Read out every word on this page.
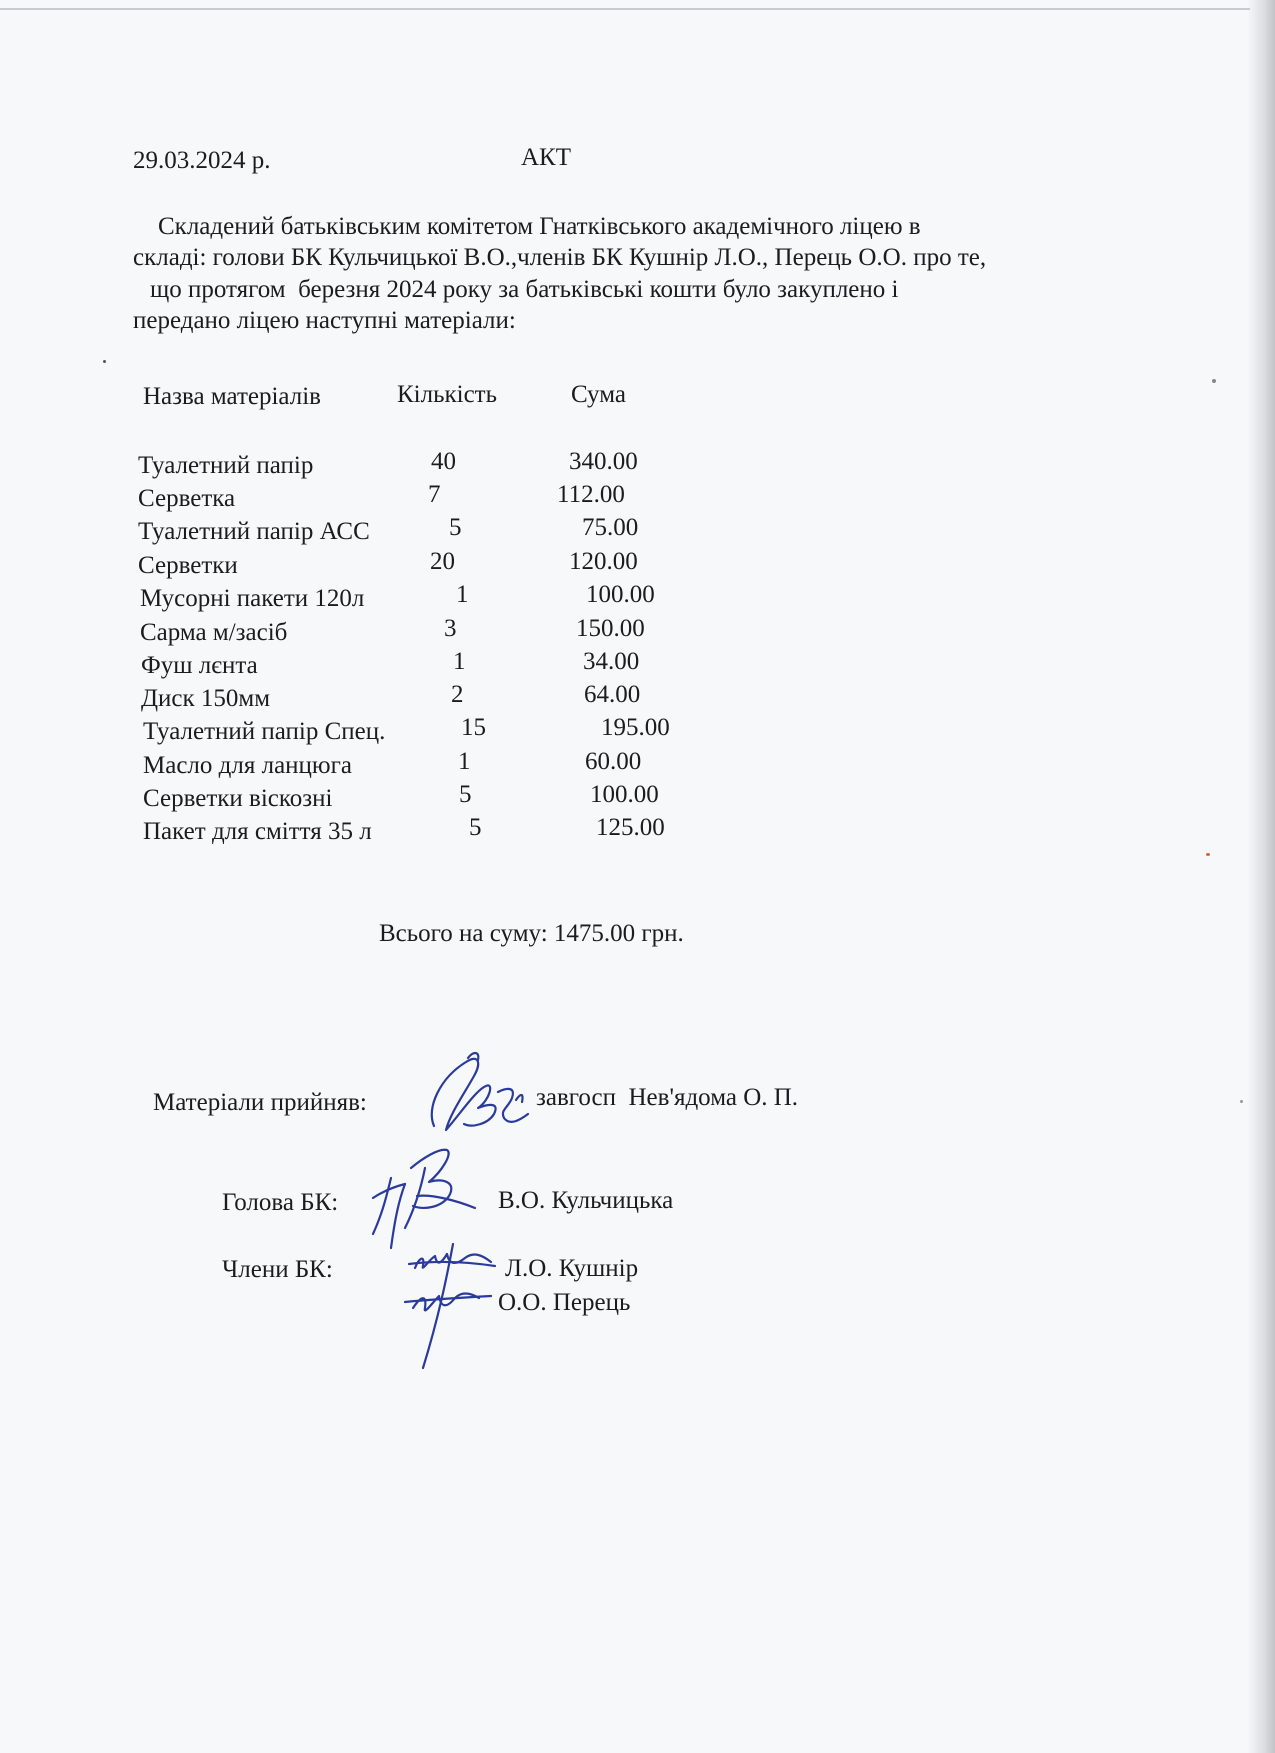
29.03.2024 р.	АКТ
Складений батьківським комітетом Гнатківського академічного ліцею в
складі: голови БК Кульчицької В.О.,членів БК Кушнір Л.О., Перець О.О. про те,
що протягом  березня 2024 року за батьківські кошти було закуплено і
передано ліцею наступні матеріали:
Назва матеріалів	Кількість	Сума
Туалетний папір	40	340.00
Серветка	7	112.00
Туалетний папір АСС	5	75.00
Серветки	20	120.00
Мусорні пакети 120л	1	100.00
Сарма м/засіб	3	150.00
Фуш лєнта	1	34.00
Диск 150мм	2	64.00
Туалетний папір Спец.	15	195.00
Масло для ланцюга	1	60.00
Серветки віскозні	5	100.00
Пакет для сміття 35 л	5	125.00
Всього на суму: 1475.00 грн.
Матеріали прийняв:	завгосп  Нев'ядома О. П.
Голова БК:	В.О. Кульчицька
Члени БК:	Л.О. Кушнір
О.О. Перець
